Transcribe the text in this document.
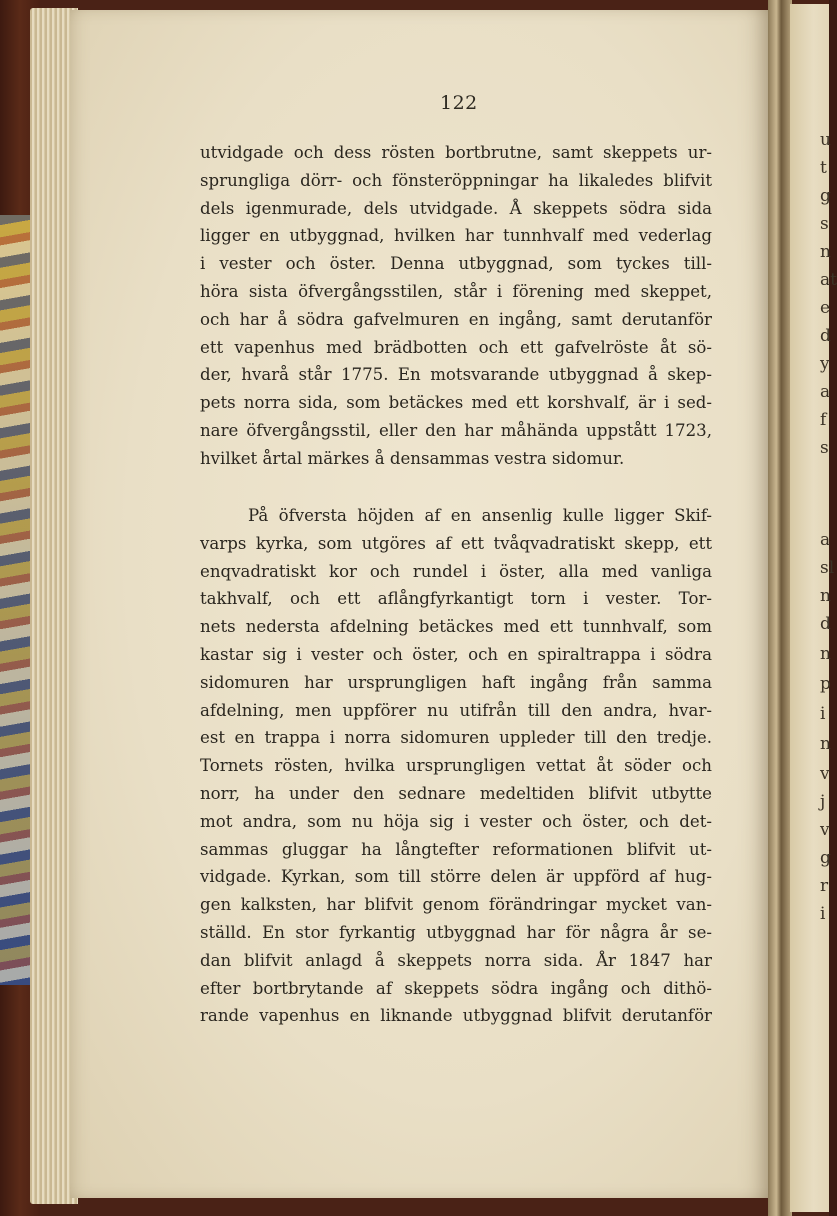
122
utvidgade och dess rösten bortbrutne, samt skeppets ur-
sprungliga dörr- och fönsteröppningar ha likaledes blifvit
dels igenmurade, dels utvidgade. Å skeppets södra sida
ligger en utbyggnad, hvilken har tunnhvalf med vederlag
i vester och öster. Denna utbyggnad, som tyckes till-
höra sista öfvergångsstilen, står i förening med skeppet,
och har å södra gafvelmuren en ingång, samt derutanför
ett vapenhus med brädbotten och ett gafvelröste åt sö-
der, hvarå står 1775. En motsvarande utbyggnad å skep-
pets norra sida, som betäckes med ett korshvalf, är i sed-
nare öfvergångsstil, eller den har måhända uppstått 1723,
hvilket årtal märkes å densammas vestra sidomur.
På öfversta höjden af en ansenlig kulle ligger Skif-
varps kyrka, som utgöres af ett tvåqvadratiskt skepp, ett
enqvadratiskt kor och rundel i öster, alla med vanliga
takhvalf, och ett aflångfyrkantigt torn i vester. Tor-
nets nedersta afdelning betäckes med ett tunnhvalf, som
kastar sig i vester och öster, och en spiraltrappa i södra
sidomuren har ursprungligen haft ingång från samma
afdelning, men uppförer nu utifrån till den andra, hvar-
est en trappa i norra sidomuren uppleder till den tredje.
Tornets rösten, hvilka ursprungligen vettat åt söder och
norr, ha under den sednare medeltiden blifvit utbytte
mot andra, som nu höja sig i vester och öster, och det-
sammas gluggar ha långtefter reformationen blifvit ut-
vidgade. Kyrkan, som till större delen är uppförd af hug-
gen kalksten, har blifvit genom förändringar mycket van-
ställd. En stor fyrkantig utbyggnad har för några år se-
dan blifvit anlagd å skeppets norra sida. År 1847 har
efter bortbrytande af skeppets södra ingång och dithö-
rande vapenhus en liknande utbyggnad blifvit derutanför
u
t
g
s
n
at
e
d
y
a
f
s
a
sl
n
d
n
p
i
n
v
j
v
g
r
i
